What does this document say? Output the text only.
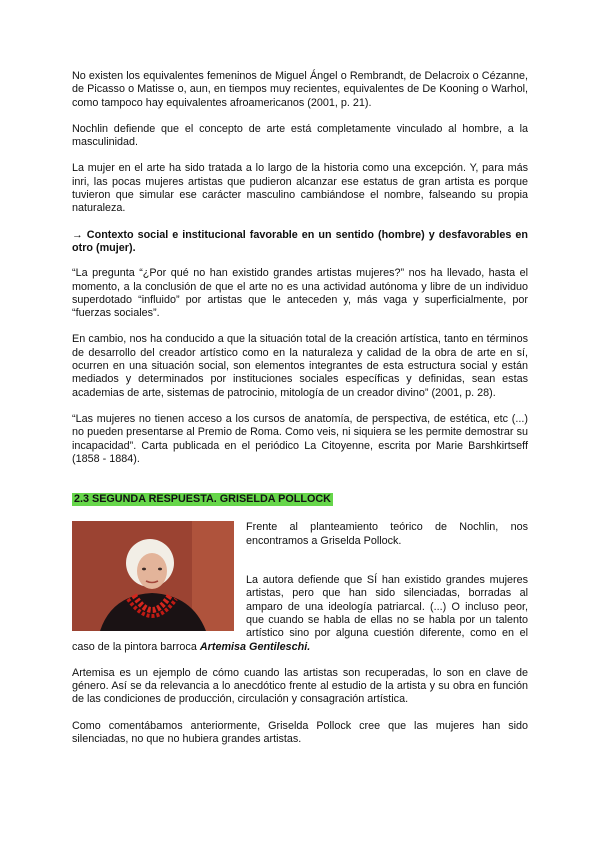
No existen los equivalentes femeninos de Miguel Ángel o Rembrandt, de Delacroix o Cézanne, de Picasso o Matisse o, aun, en tiempos muy recientes, equivalentes de De Kooning o Warhol, como tampoco hay equivalentes afroamericanos (2001, p. 21).

Nochlin defiende que el concepto de arte está completamente vinculado al hombre, a la masculinidad.

La mujer en el arte ha sido tratada a lo largo de la historia como una excepción. Y, para más inri, las pocas mujeres artistas que pudieron alcanzar ese estatus de gran artista es porque tuvieron que simular ese carácter masculino cambiándose el nombre, falseando su propia naturaleza.

→ Contexto social e institucional favorable en un sentido (hombre) y desfavorables en otro (mujer).

“La pregunta “¿Por qué no han existido grandes artistas mujeres?” nos ha llevado, hasta el momento, a la conclusión de que el arte no es una actividad autónoma y libre de un individuo superdotado “influido” por artistas que le anteceden y, más vaga y superficialmente, por “fuerzas sociales”.

En cambio, nos ha conducido a que la situación total de la creación artística, tanto en términos de desarrollo del creador artístico como en la naturaleza y calidad de la obra de arte en sí, ocurren en una situación social, son elementos integrantes de esta estructura social y están mediados y determinados por instituciones sociales específicas y definidas, sean estas academias de arte, sistemas de patrocinio, mitología de un creador divino” (2001, p. 28).

“Las mujeres no tienen acceso a los cursos de anatomía, de perspectiva, de estética, etc (...) no pueden presentarse al Premio de Roma. Como veis, ni siquiera se les permite demostrar su incapacidad”. Carta publicada en el periódico La Citoyenne, escrita por Marie Barshkirtseff (1858 - 1884).

2.3 SEGUNDA RESPUESTA. GRISELDA POLLOCK

Frente al planteamiento teórico de Nochlin, nos encontramos a Griselda Pollock.

La autora defiende que SÍ han existido grandes mujeres artistas, pero que han sido silenciadas, borradas al amparo de una ideología patriarcal. (...) O incluso peor, que cuando se habla de ellas no se habla por un talento artístico sino por alguna cuestión diferente, como en el caso de la pintora barroca Artemisa Gentileschi.

Artemisa es un ejemplo de cómo cuando las artistas son recuperadas, lo son en clave de género. Así se da relevancia a lo anecdótico frente al estudio de la artista y su obra en función de las condiciones de producción, circulación y consagración artística.

Como comentábamos anteriormente, Griselda Pollock cree que las mujeres han sido silenciadas, no que no hubiera grandes artistas.
